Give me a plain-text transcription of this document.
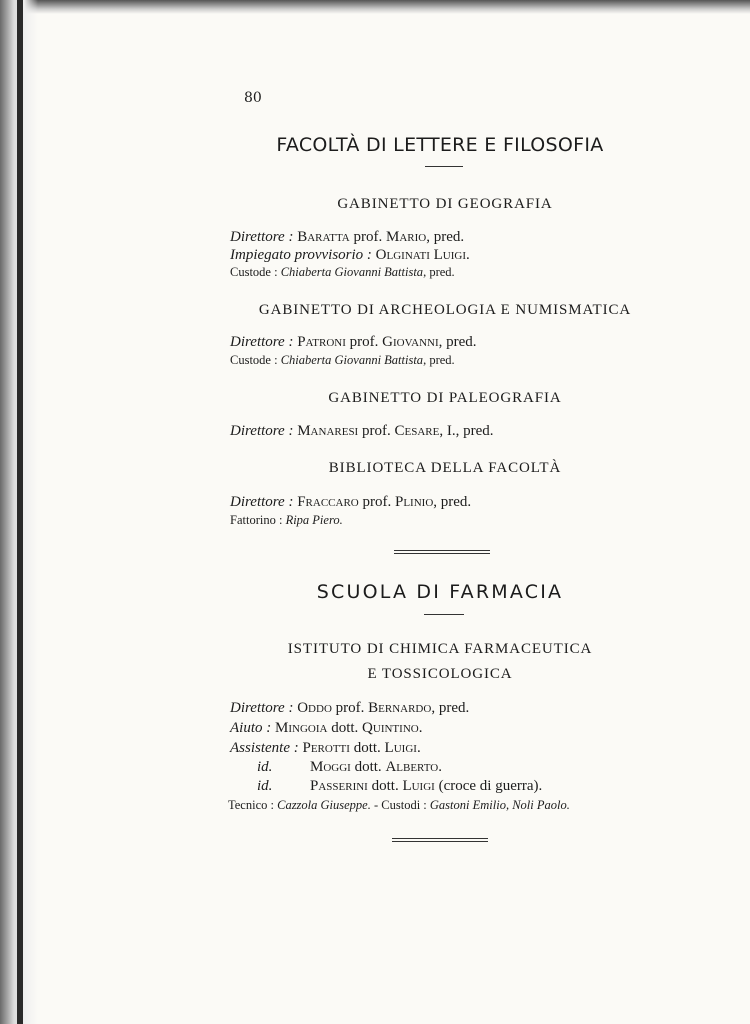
80
FACOLTÀ DI LETTERE E FILOSOFIA
GABINETTO DI GEOGRAFIA
Direttore : Baratta prof. Mario, pred.
Impiegato provvisorio : Olginati Luigi.
Custode : Chiaberta Giovanni Battista, pred.
GABINETTO DI ARCHEOLOGIA E NUMISMATICA
Direttore : Patroni prof. Giovanni, pred.
Custode : Chiaberta Giovanni Battista, pred.
GABINETTO DI PALEOGRAFIA
Direttore : Manaresi prof. Cesare, I., pred.
BIBLIOTECA DELLA FACOLTÀ
Direttore : Fraccaro prof. Plinio, pred.
Fattorino : Ripa Piero.
SCUOLA DI FARMACIA
ISTITUTO DI CHIMICA FARMACEUTICA
E TOSSICOLOGICA
Direttore : Oddo prof. Bernardo, pred.
Aiuto : Mingoia dott. Quintino.
Assistente : Perotti dott. Luigi.
id.	Moggi dott. Alberto.
id.	Passerini dott. Luigi (croce di guerra).
Tecnico : Cazzola Giuseppe. - Custodi : Gastoni Emilio, Noli Paolo.
